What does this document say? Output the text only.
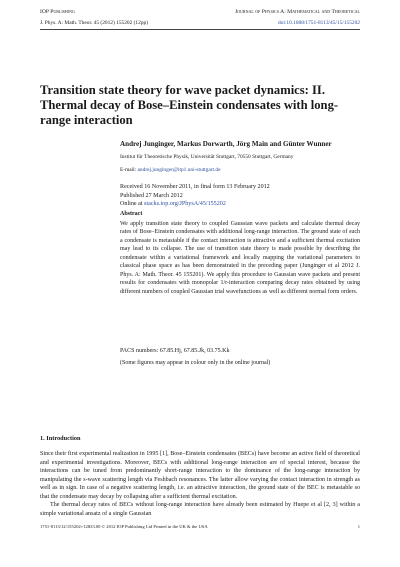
IOP Publishing	Journal of Physics A: Mathematical and Theoretical
J. Phys. A: Math. Theor. 45 (2012) 155202 (12pp)	doi:10.1088/1751-8113/45/15/155202
Transition state theory for wave packet dynamics: II. Thermal decay of Bose–Einstein condensates with long-range interaction
Andrej Junginger, Markus Dorwarth, Jörg Main and Günter Wunner
Institut für Theoretische Physik, Universität Stuttgart, 70550 Stuttgart, Germany
E-mail: andrej.junginger@itp1.uni-stuttgart.de
Received 16 November 2011, in final form 13 February 2012
Published 27 March 2012
Online at stacks.iop.org/JPhysA/45/155202
Abstract
We apply transition state theory to coupled Gaussian wave packets and calculate thermal decay rates of Bose–Einstein condensates with additional long-range interaction. The ground state of such a condensate is metastable if the contact interaction is attractive and a sufficient thermal excitation may lead to its collapse. The use of transition state theory is made possible by describing the condensate within a variational framework and locally mapping the variational parameters to classical phase space as has been demonstrated in the preceding paper (Junginger et al 2012 J. Phys. A: Math. Theor. 45 155201). We apply this procedure to Gaussian wave packets and present results for condensates with monopolar 1/r-interaction comparing decay rates obtained by using different numbers of coupled Gaussian trial wavefunctions as well as different normal form orders.
PACS numbers: 67.85.Hj, 67.85.Jk, 03.75.Kk
(Some figures may appear in colour only in the online journal)
1. Introduction

Since their first experimental realization in 1995 [1], Bose–Einstein condensates (BECs) have become an active field of theoretical and experimental investigations. Moreover, BECs with additional long-range interaction are of special interest, because the interactions can be tuned from predominantly short-range interaction to the dominance of the long-range interaction by manipulating the s-wave scattering length via Feshbach resonances. The latter allow varying the contact interaction in strength as well as in sign. In case of a negative scattering length, i.e. an attractive interaction, the ground state of the BEC is metastable so that the condensate may decay by collapsing after a sufficient thermal excitation.

The thermal decay rates of BECs without long-range interaction have already been estimated by Huepe et al [2, 3] within a simple variational ansatz of a single Gaussian

1751-8113/12/155202+12$33.00 © 2012 IOP Publishing Ltd Printed in the UK & the USA	1
